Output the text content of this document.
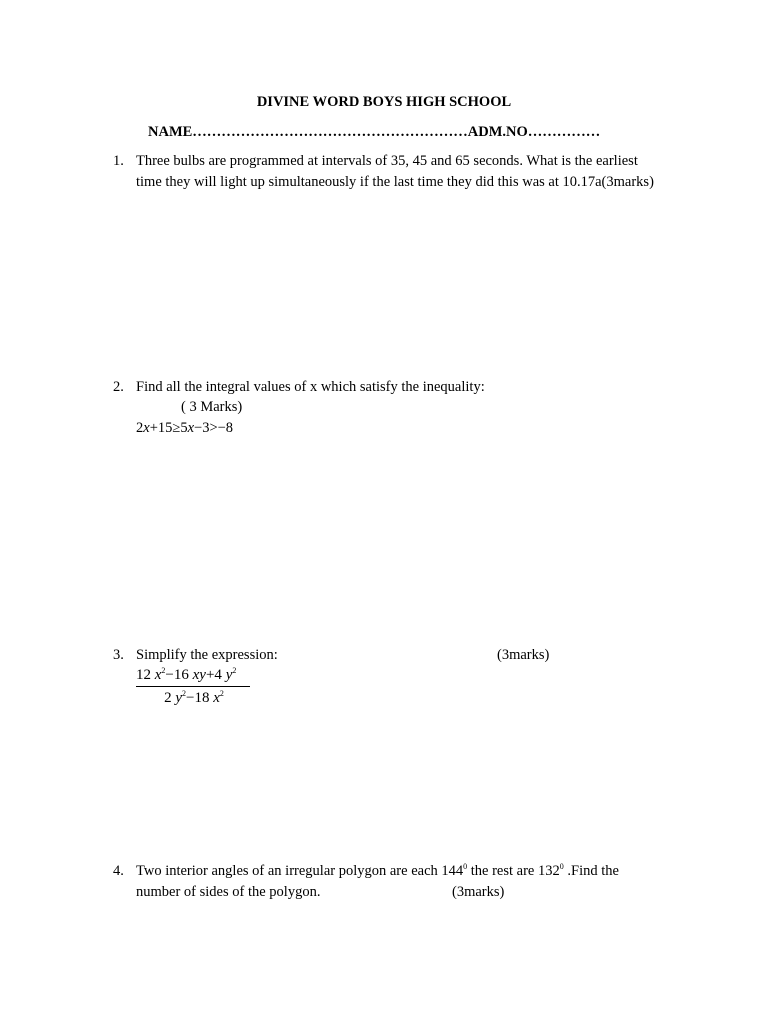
DIVINE WORD BOYS HIGH SCHOOL
NAME…………………………………………………ADM.NO……………
1. Three bulbs are programmed at intervals of 35, 45 and 65 seconds. What is the earliest
time they will light up simultaneously if the last time they did this was at 10.17a(3marks)
2. Find all the integral values of x which satisfy the inequality:
( 3 Marks)
2x+15≥5x−3>−8
3. Simplify the expression:	(3marks)
12 $x^2-16$ xy+4 $y^2$
2 $y^2-18$ $x^2$
4. Two interior angles of an irregular polygon are each $144^0$ the rest are $132^0$ .Find the
number of sides of the polygon.	(3marks)
